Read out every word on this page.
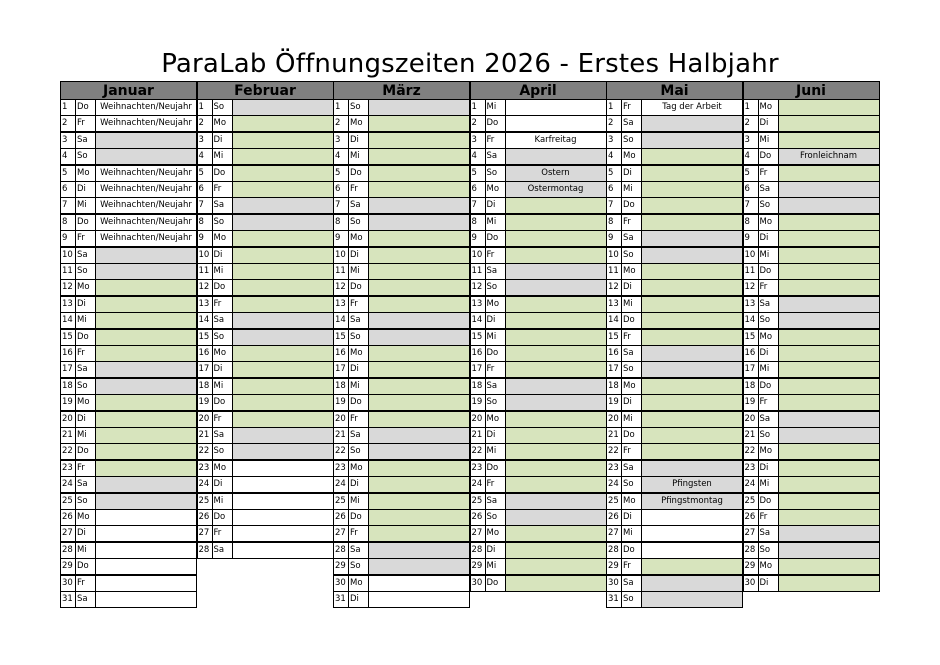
ParaLab Öffnungszeiten 2026 - Erstes Halbjahr
Januar
1	Do	Weihnachten/Neujahr
2	Fr	Weihnachten/Neujahr
3	Sa
4	So
5	Mo	Weihnachten/Neujahr
6	Di	Weihnachten/Neujahr
7	Mi	Weihnachten/Neujahr
8	Do	Weihnachten/Neujahr
9	Fr	Weihnachten/Neujahr
10 Sa
11 So
12 Mo
13 Di
14 Mi
15 Do
16 Fr
17 Sa
18 So
19 Mo
20 Di
21 Mi
22 Do
23 Fr
24 Sa
25 So
26 Mo
27 Di
28 Mi
29 Do
30 Fr
31 Sa
Februar
1	So
2	Mo
3	Di
4	Mi
5	Do
6	Fr
7	Sa
8	So
9	Mo
10 Di
11 Mi
12 Do
13 Fr
14 Sa
15 So
16 Mo
17 Di
18 Mi
19 Do
20 Fr
21 Sa
22 So
23 Mo
24 Di
25 Mi
26 Do
27 Fr
28 Sa
März
1	So
2	Mo
3	Di
4	Mi
5	Do
6	Fr
7	Sa
8	So
9	Mo
10 Di
11 Mi
12 Do
13 Fr
14 Sa
15 So
16 Mo
17 Di
18 Mi
19 Do
20 Fr
21 Sa
22 So
23 Mo
24 Di
25 Mi
26 Do
27 Fr
28 Sa
29 So
30 Mo
31 Di
April
1	Mi
2	Do
3	Fr	Karfreitag
4	Sa
5	So	Ostern
6	Mo	Ostermontag
7	Di
8	Mi
9	Do
10 Fr
11 Sa
12 So
13 Mo
14 Di
15 Mi
16 Do
17 Fr
18 Sa
19 So
20 Mo
21 Di
22 Mi
23 Do
24 Fr
25 Sa
26 So
27 Mo
28 Di
29 Mi
30 Do
Mai
1	Fr	Tag der Arbeit
2	Sa
3	So
4	Mo
5	Di
6	Mi
7	Do
8	Fr
9	Sa
10 So
11 Mo
12 Di
13 Mi
14 Do
15 Fr
16 Sa
17 So
18 Mo
19 Di
20 Mi
21 Do
22 Fr
23 Sa
24 So	Pfingsten
25 Mo	Pfingstmontag
26 Di
27 Mi
28 Do
29 Fr
30 Sa
31 So
Juni
1	Mo
2	Di
3	Mi
4	Do	Fronleichnam
5	Fr
6	Sa
7	So
8	Mo
9	Di
10 Mi
11 Do
12 Fr
13 Sa
14 So
15 Mo
16 Di
17 Mi
18 Do
19 Fr
20 Sa
21 So
22 Mo
23 Di
24 Mi
25 Do
26 Fr
27 Sa
28 So
29 Mo
30 Di
